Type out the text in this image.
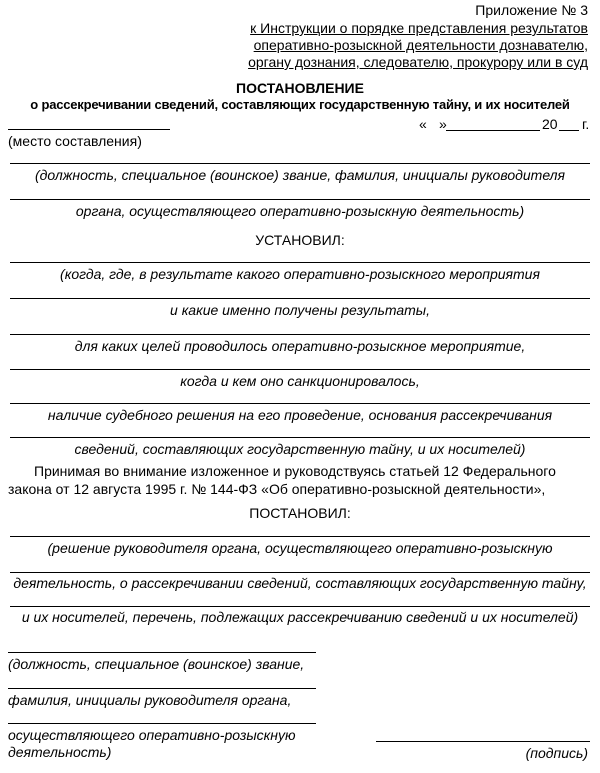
Приложение № 3
к Инструкции о порядке представления результатов
оперативно-розыскной деятельности дознавателю,
органу дознания, следователю, прокурору или в суд
ПОСТАНОВЛЕНИЕ
о рассекречивании сведений, составляющих государственную тайну, и их носителей
« »	20 г.
(место составления)
(должность, специальное (воинское) звание, фамилия, инициалы руководителя
органа, осуществляющего оперативно-розыскную деятельность)
УСТАНОВИЛ:
(когда, где, в результате какого оперативно-розыскного мероприятия
и какие именно получены результаты,
для каких целей проводилось оперативно-розыскное мероприятие,
когда и кем оно санкционировалось,
наличие судебного решения на его проведение, основания рассекречивания
сведений, составляющих государственную тайну, и их носителей)
Принимая во внимание изложенное и руководствуясь статьей 12 Федерального
закона от 12 августа 1995 г. № 144-ФЗ «Об оперативно-розыскной деятельности»,
ПОСТАНОВИЛ:
(решение руководителя органа, осуществляющего оперативно-розыскную
деятельность, о рассекречивании сведений, составляющих государственную тайну,
и их носителей, перечень, подлежащих рассекречиванию сведений и их носителей)
(должность, специальное (воинское) звание,
фамилия, инициалы руководителя органа,
осуществляющего оперативно-розыскную
деятельность)	(подпись)
